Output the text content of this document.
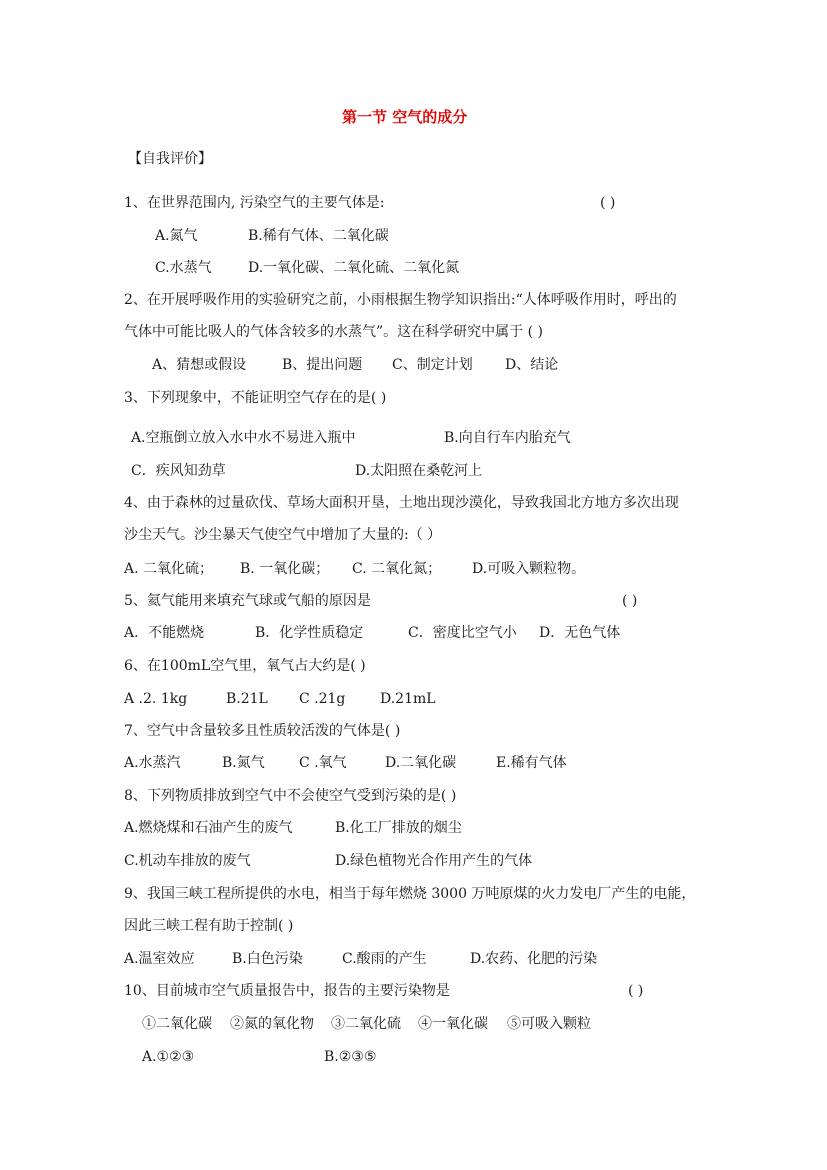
第一节 空气的成分
【自我评价】
1、在世界范围内, 污染空气的主要气体是:	( )
A.氮气	B.稀有气体、二氧化碳
C.水蒸气	D.一氧化碳、二氧化硫、二氧化氮
2、在开展呼吸作用的实验研究之前，小雨根据生物学知识指出:“人体呼吸作用时，呼出的
气体中可能比吸人的气体含较多的水蒸气”。这在科学研究中属于 ( )
A、猜想或假设	B、提出问题 C、制定计划 D、结论
3、下列现象中，不能证明空气存在的是( )
A.空瓶倒立放入水中水不易进入瓶中	B.向自行车内胎充气
C．疾风知劲草	D.太阳照在桑乾河上
4、由于森林的过量砍伐、草场大面积开垦，土地出现沙漠化，导致我国北方地方多次出现
沙尘天气。沙尘暴天气使空气中增加了大量的:（ ）
A. 二氧化硫； B. 一氧化碳； C. 二氧化氮； D.可吸入颗粒物。
5、氦气能用来填充气球或气船的原因是	( )
A．不能燃烧	B．化学性质稳定	C．密度比空气小 D．无色气体
6、在100mL空气里，氧气占大约是( )
A .2. 1kg	B.21L C .21g D.21mL
7、空气中含量较多且性质较活泼的气体是( )
A.水蒸汽	B.氮气 C .氧气	D.二氧化碳	E.稀有气体
8、下列物质排放到空气中不会使空气受到污染的是( )
A.燃烧煤和石油产生的废气	B.化工厂排放的烟尘
C.机动车排放的废气	D.绿色植物光合作用产生的气体
9、我国三峡工程所提供的水电，相当于每年燃烧 3000 万吨原煤的火力发电厂产生的电能，
因此三峡工程有助于控制( )
A.温室效应	B.白色污染	C.酸雨的产生	D.农药、化肥的污染
10、目前城市空气质量报告中，报告的主要污染物是	( )
①二氧化碳 ②氮的氧化物 ③二氧化硫 ④一氧化碳 ⑤可吸入颗粒
A.①②③	B.②③⑤
